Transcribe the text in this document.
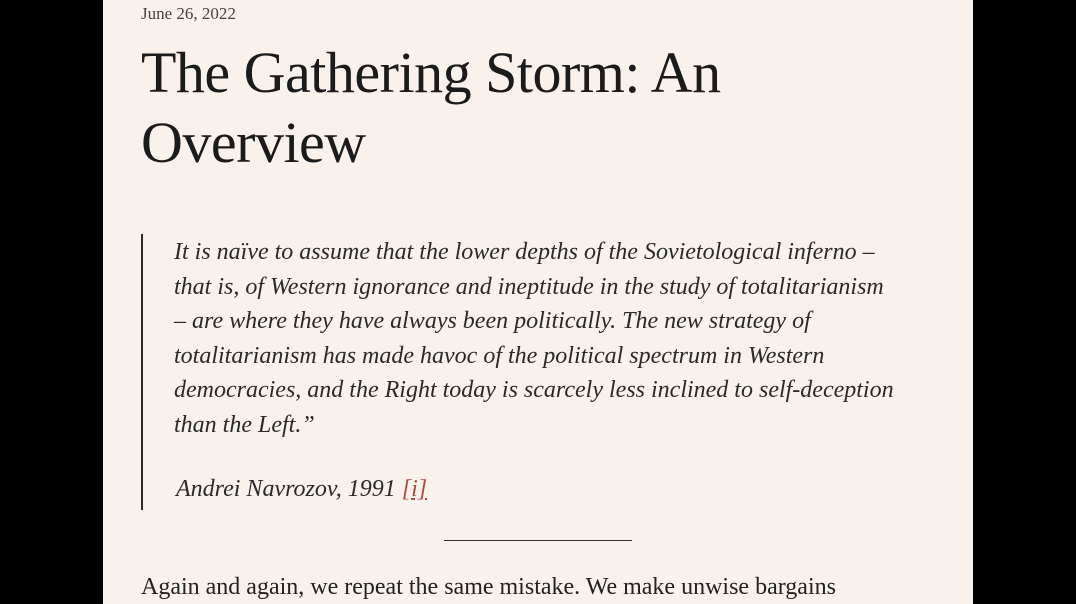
June 26, 2022
The Gathering Storm: An Overview

It is naïve to assume that the lower depths of the Sovietological inferno – that is, of Western ignorance and ineptitude in the study of totalitarianism – are where they have always been politically. The new strategy of totalitarianism has made havoc of the political spectrum in Western democracies, and the Right today is scarcely less inclined to self-deception than the Left.”

Andrei Navrozov, 1991 [i]

Again and again, we repeat the same mistake. We make unwise bargains
